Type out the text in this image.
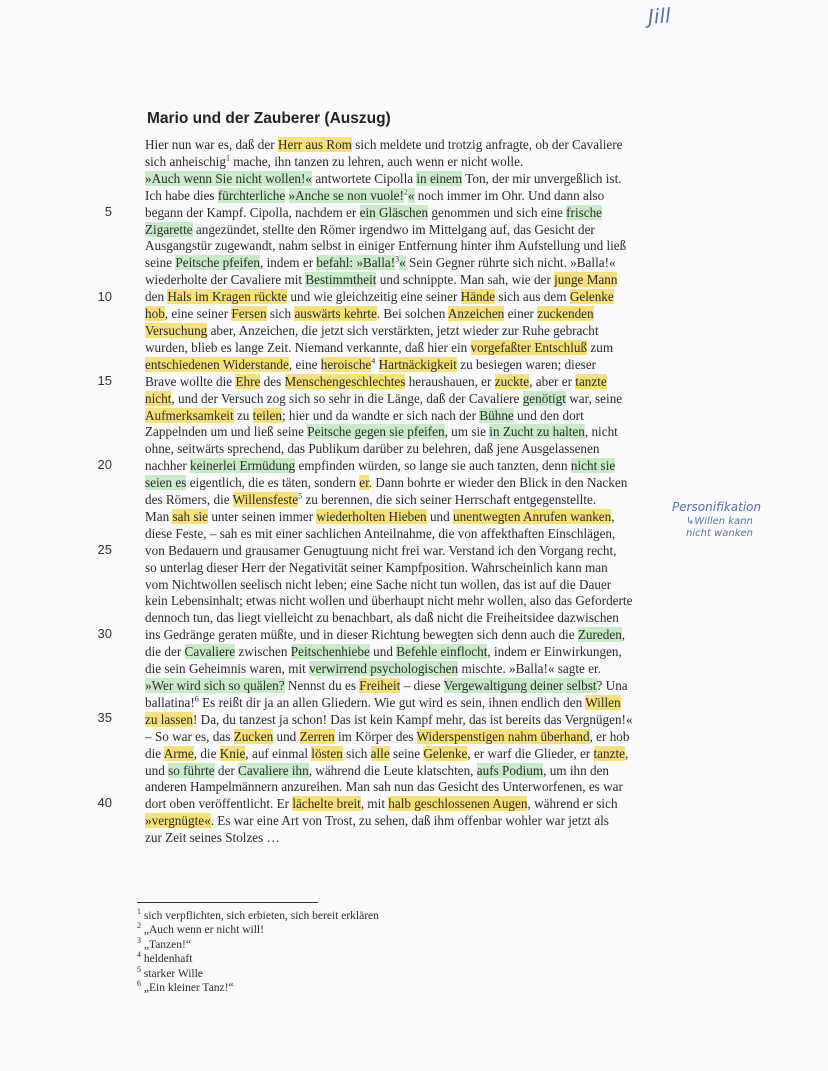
Jill
Mario und der Zauberer (Auszug)
5
10
15
20
25
30
35
40
Hier nun war es, daß der Herr aus Rom sich meldete und trotzig anfragte, ob der Cavaliere
sich anheischig$^1$ mache, ihn tanzen zu lehren, auch wenn er nicht wolle.
»Auch wenn Sie nicht wollen!« antwortete Cipolla in einem Ton, der mir unvergeßlich ist.
Ich habe dies fürchterliche »Anche se non vuole!$^2$« noch immer im Ohr. Und dann also
begann der Kampf. Cipolla, nachdem er ein Gläschen genommen und sich eine frische
Zigarette angezündet, stellte den Römer irgendwo im Mittelgang auf, das Gesicht der
Ausgangstür zugewandt, nahm selbst in einiger Entfernung hinter ihm Aufstellung und ließ
seine Peitsche pfeifen, indem er befahl: »Balla!$^3$« Sein Gegner rührte sich nicht. »Balla!«
wiederholte der Cavaliere mit Bestimmtheit und schnippte. Man sah, wie der junge Mann
den Hals im Kragen rückte und wie gleichzeitig eine seiner Hände sich aus dem Gelenke
hob, eine seiner Fersen sich auswärts kehrte. Bei solchen Anzeichen einer zuckenden
Versuchung aber, Anzeichen, die jetzt sich verstärkten, jetzt wieder zur Ruhe gebracht
wurden, blieb es lange Zeit. Niemand verkannte, daß hier ein vorgefaßter Entschluß zum
entschiedenen Widerstande, eine heroische$^4$ Hartnäckigkeit zu besiegen waren; dieser
Brave wollte die Ehre des Menschengeschlechtes heraushauen, er zuckte, aber er tanzte
nicht, und der Versuch zog sich so sehr in die Länge, daß der Cavaliere genötigt war, seine
Aufmerksamkeit zu teilen; hier und da wandte er sich nach der Bühne und den dort
Zappelnden um und ließ seine Peitsche gegen sie pfeifen, um sie in Zucht zu halten, nicht
ohne, seitwärts sprechend, das Publikum darüber zu belehren, daß jene Ausgelassenen
nachher keinerlei Ermüdung empfinden würden, so lange sie auch tanzten, denn nicht sie
seien es eigentlich, die es täten, sondern er. Dann bohrte er wieder den Blick in den Nacken
des Römers, die Willensfeste$^5$ zu berennen, die sich seiner Herrschaft entgegenstellte.
Man sah sie unter seinen immer wiederholten Hieben und unentwegten Anrufen wanken,
diese Feste, – sah es mit einer sachlichen Anteilnahme, die von affekthaften Einschlägen,
von Bedauern und grausamer Genugtuung nicht frei war. Verstand ich den Vorgang recht,
so unterlag dieser Herr der Negativität seiner Kampfposition. Wahrscheinlich kann man
vom Nichtwollen seelisch nicht leben; eine Sache nicht tun wollen, das ist auf die Dauer
kein Lebensinhalt; etwas nicht wollen und überhaupt nicht mehr wollen, also das Geforderte
dennoch tun, das liegt vielleicht zu benachbart, als daß nicht die Freiheitsidee dazwischen
ins Gedränge geraten müßte, und in dieser Richtung bewegten sich denn auch die Zureden,
die der Cavaliere zwischen Peitschenhiebe und Befehle einflocht, indem er Einwirkungen,
die sein Geheimnis waren, mit verwirrend psychologischen mischte. »Balla!« sagte er.
»Wer wird sich so quälen? Nennst du es Freiheit – diese Vergewaltigung deiner selbst? Una
ballatina!$^6$ Es reißt dir ja an allen Gliedern. Wie gut wird es sein, ihnen endlich den Willen
zu lassen! Da, du tanzest ja schon! Das ist kein Kampf mehr, das ist bereits das Vergnügen!«
– So war es, das Zucken und Zerren im Körper des Widerspenstigen nahm überhand, er hob
die Arme, die Knie, auf einmal lösten sich alle seine Gelenke, er warf die Glieder, er tanzte,
und so führte der Cavaliere ihn, während die Leute klatschten, aufs Podium, um ihn den
anderen Hampelmännern anzureihen. Man sah nun das Gesicht des Unterworfenen, es war
dort oben veröffentlicht. Er lächelte breit, mit halb geschlossenen Augen, während er sich
»vergnügte«. Es war eine Art von Trost, zu sehen, daß ihm offenbar wohler war jetzt als
zur Zeit seines Stolzes …
Personifikation
↳Willen kann
nicht wanken
$^1$ sich verpflichten, sich erbieten, sich bereit erklären
$^2$ „Auch wenn er nicht will!
$^3$ „Tanzen!“
$^4$ heldenhaft
$^5$ starker Wille
$^6$ „Ein kleiner Tanz!“
